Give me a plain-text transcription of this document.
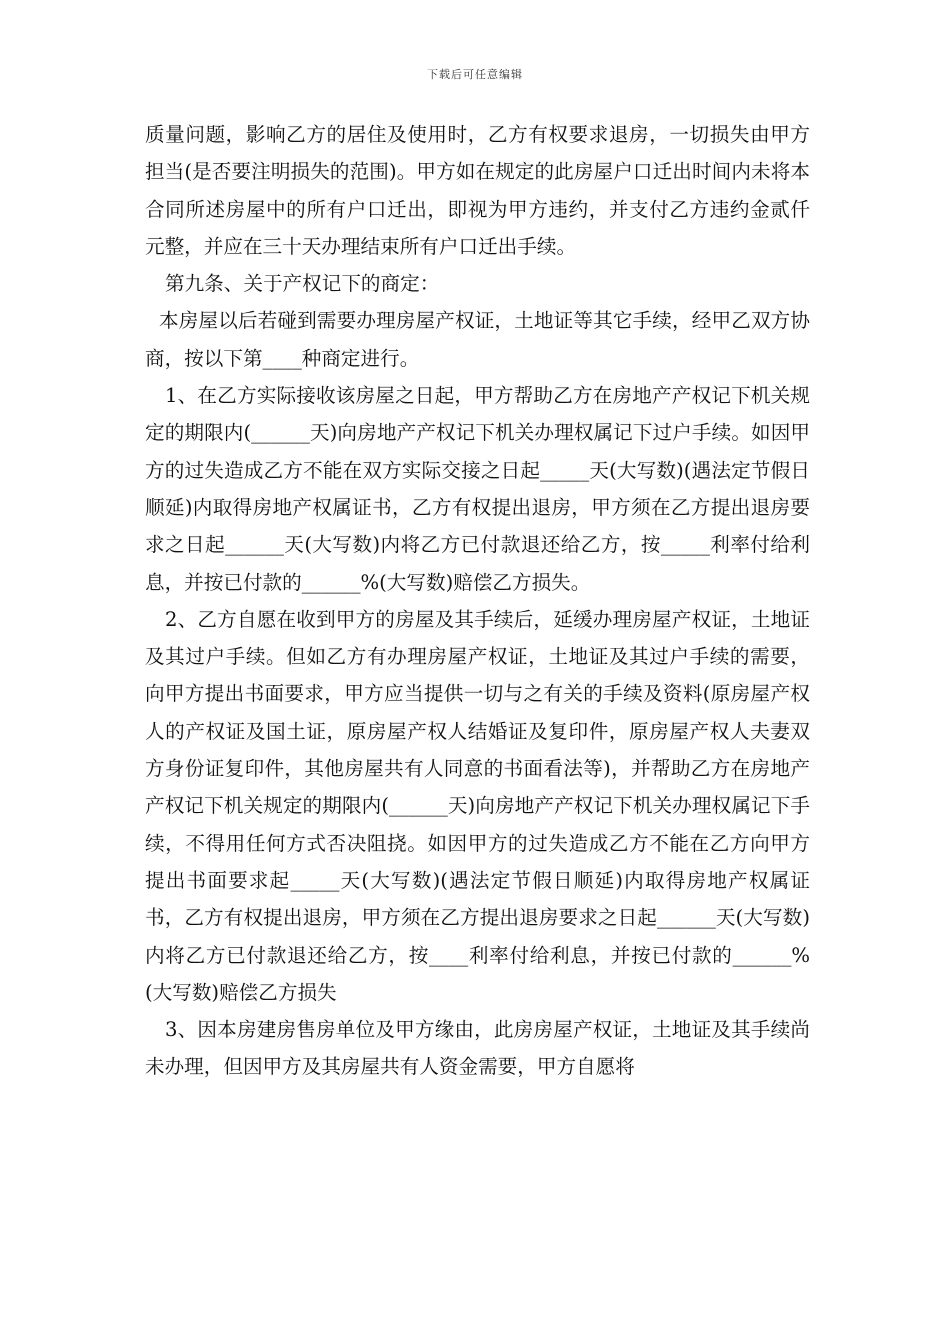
下载后可任意编辑

质量问题，影响乙方的居住及使用时，乙方有权要求退房，一切损失由甲方担当(是否要注明损失的范围)。甲方如在规定的此房屋户口迁出时间内未将本合同所述房屋中的所有户口迁出，即视为甲方违约，并支付乙方违约金贰仟元整，并应在三十天办理结束所有户口迁出手续。

第九条、关于产权记下的商定：

本房屋以后若碰到需要办理房屋产权证，土地证等其它手续，经甲乙双方协商，按以下第____种商定进行。

1、在乙方实际接收该房屋之日起，甲方帮助乙方在房地产产权记下机关规定的期限内(______天)向房地产产权记下机关办理权属记下过户手续。如因甲方的过失造成乙方不能在双方实际交接之日起_____天(大写数)(遇法定节假日顺延)内取得房地产权属证书，乙方有权提出退房，甲方须在乙方提出退房要求之日起______天(大写数)内将乙方已付款退还给乙方，按_____利率付给利息，并按已付款的______%(大写数)赔偿乙方损失。

2、乙方自愿在收到甲方的房屋及其手续后，延缓办理房屋产权证，土地证及其过户手续。但如乙方有办理房屋产权证，土地证及其过户手续的需要，向甲方提出书面要求，甲方应当提供一切与之有关的手续及资料(原房屋产权人的产权证及国土证，原房屋产权人结婚证及复印件，原房屋产权人夫妻双方身份证复印件，其他房屋共有人同意的书面看法等)，并帮助乙方在房地产产权记下机关规定的期限内(______天)向房地产产权记下机关办理权属记下手续，不得用任何方式否决阻挠。如因甲方的过失造成乙方不能在乙方向甲方提出书面要求起_____天(大写数)(遇法定节假日顺延)内取得房地产权属证书，乙方有权提出退房，甲方须在乙方提出退房要求之日起______天(大写数)内将乙方已付款退还给乙方，按____利率付给利息，并按已付款的______%(大写数)赔偿乙方损失

3、因本房建房售房单位及甲方缘由，此房房屋产权证，土地证及其手续尚未办理，但因甲方及其房屋共有人资金需要，甲方自愿将
